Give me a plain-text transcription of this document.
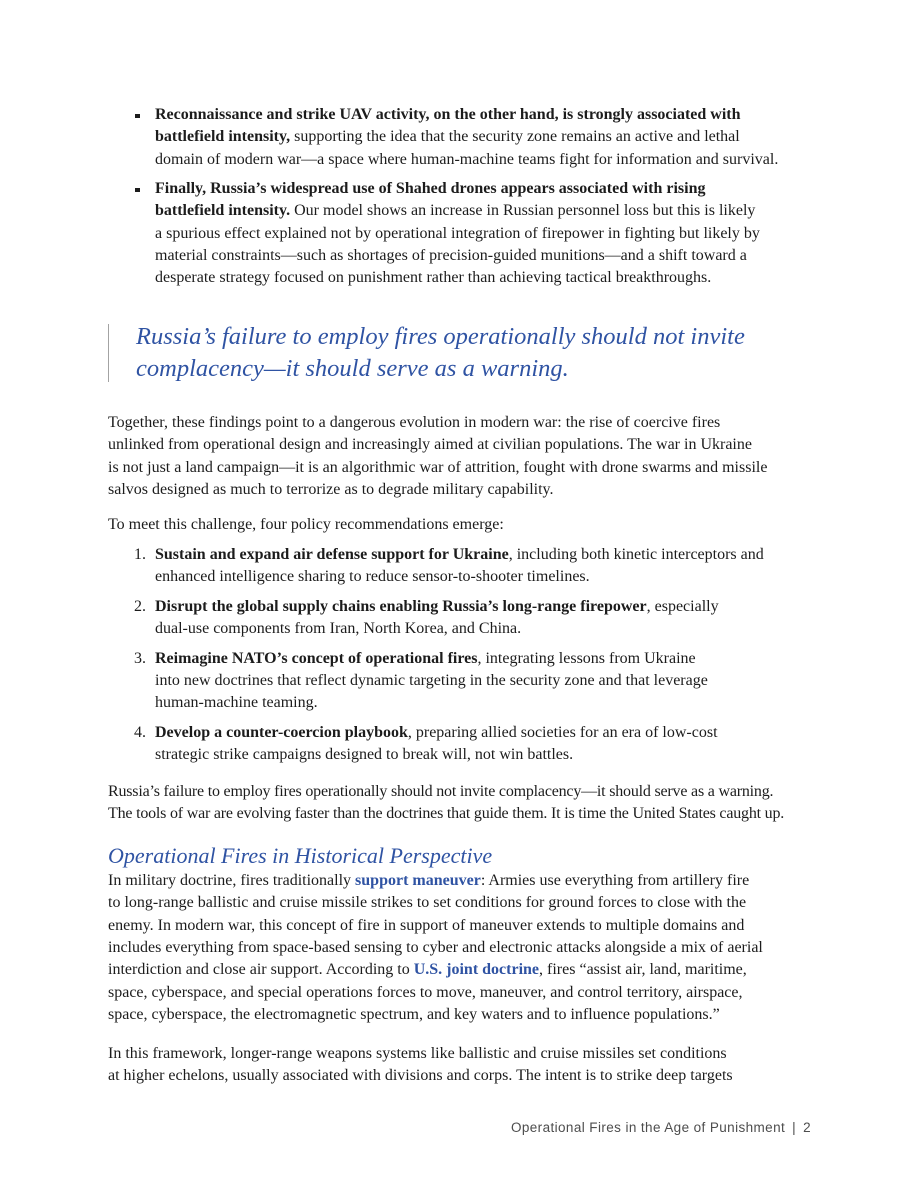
Reconnaissance and strike UAV activity, on the other hand, is strongly associated with
battlefield intensity, supporting the idea that the security zone remains an active and lethal
domain of modern war—a space where human-machine teams fight for information and survival.
Finally, Russia’s widespread use of Shahed drones appears associated with rising
battlefield intensity. Our model shows an increase in Russian personnel loss but this is likely
a spurious effect explained not by operational integration of firepower in fighting but likely by
material constraints—such as shortages of precision-guided munitions—and a shift toward a
desperate strategy focused on punishment rather than achieving tactical breakthroughs.

Russia’s failure to employ fires operationally should not invite
complacency—it should serve as a warning.

Together, these findings point to a dangerous evolution in modern war: the rise of coercive fires
unlinked from operational design and increasingly aimed at civilian populations. The war in Ukraine
is not just a land campaign—it is an algorithmic war of attrition, fought with drone swarms and missile
salvos designed as much to terrorize as to degrade military capability.

To meet this challenge, four policy recommendations emerge:

1. Sustain and expand air defense support for Ukraine, including both kinetic interceptors and
enhanced intelligence sharing to reduce sensor-to-shooter timelines.
2. Disrupt the global supply chains enabling Russia’s long-range firepower, especially
dual-use components from Iran, North Korea, and China.
3. Reimagine NATO’s concept of operational fires, integrating lessons from Ukraine
into new doctrines that reflect dynamic targeting in the security zone and that leverage
human-machine teaming.
4. Develop a counter-coercion playbook, preparing allied societies for an era of low-cost
strategic strike campaigns designed to break will, not win battles.

Russia’s failure to employ fires operationally should not invite complacency—it should serve as a warning.
The tools of war are evolving faster than the doctrines that guide them. It is time the United States caught up.

Operational Fires in Historical Perspective

In military doctrine, fires traditionally support maneuver: Armies use everything from artillery fire
to long-range ballistic and cruise missile strikes to set conditions for ground forces to close with the
enemy. In modern war, this concept of fire in support of maneuver extends to multiple domains and
includes everything from space-based sensing to cyber and electronic attacks alongside a mix of aerial
interdiction and close air support. According to U.S. joint doctrine, fires “assist air, land, maritime,
space, cyberspace, and special operations forces to move, maneuver, and control territory, airspace,
space, cyberspace, the electromagnetic spectrum, and key waters and to influence populations.”

In this framework, longer-range weapons systems like ballistic and cruise missiles set conditions
at higher echelons, usually associated with divisions and corps. The intent is to strike deep targets

Operational Fires in the Age of Punishment | 2
